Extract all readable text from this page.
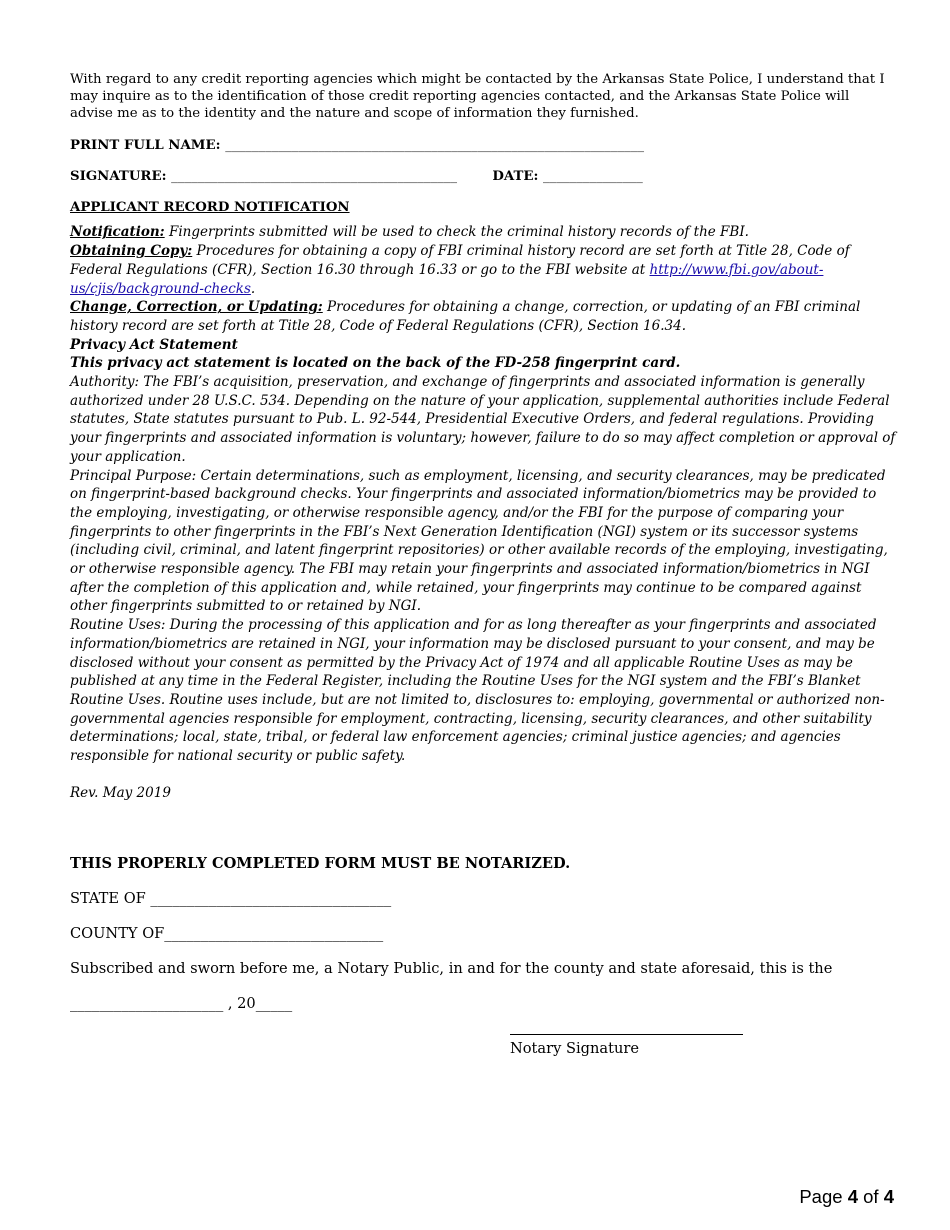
With regard to any credit reporting agencies which might be contacted by the Arkansas State Police, I understand that I may inquire as to the identification of those credit reporting agencies contacted, and the Arkansas State Police will advise me as to the identity and the nature and scope of information they furnished.

PRINT FULL NAME: _______________________________________________________________

SIGNATURE: ___________________________________________	DATE: _______________

APPLICANT RECORD NOTIFICATION

Notification: Fingerprints submitted will be used to check the criminal history records of the FBI.

Obtaining Copy: Procedures for obtaining a copy of FBI criminal history record are set forth at Title 28, Code of Federal Regulations (CFR), Section 16.30 through 16.33 or go to the FBI website at http://www.fbi.gov/about-us/cjis/background-checks.

Change, Correction, or Updating: Procedures for obtaining a change, correction, or updating of an FBI criminal history record are set forth at Title 28, Code of Federal Regulations (CFR), Section 16.34.

Privacy Act Statement

This privacy act statement is located on the back of the FD-258 fingerprint card.

Authority: The FBI’s acquisition, preservation, and exchange of fingerprints and associated information is generally authorized under 28 U.S.C. 534. Depending on the nature of your application, supplemental authorities include Federal statutes, State statutes pursuant to Pub. L. 92-544, Presidential Executive Orders, and federal regulations. Providing your fingerprints and associated information is voluntary; however, failure to do so may affect completion or approval of your application.

Principal Purpose: Certain determinations, such as employment, licensing, and security clearances, may be predicated on fingerprint-based background checks. Your fingerprints and associated information/biometrics may be provided to the employing, investigating, or otherwise responsible agency, and/or the FBI for the purpose of comparing your fingerprints to other fingerprints in the FBI’s Next Generation Identification (NGI) system or its successor systems (including civil, criminal, and latent fingerprint repositories) or other available records of the employing, investigating, or otherwise responsible agency. The FBI may retain your fingerprints and associated information/biometrics in NGI after the completion of this application and, while retained, your fingerprints may continue to be compared against other fingerprints submitted to or retained by NGI.

Routine Uses: During the processing of this application and for as long thereafter as your fingerprints and associated information/biometrics are retained in NGI, your information may be disclosed pursuant to your consent, and may be disclosed without your consent as permitted by the Privacy Act of 1974 and all applicable Routine Uses as may be published at any time in the Federal Register, including the Routine Uses for the NGI system and the FBI’s Blanket Routine Uses. Routine uses include, but are not limited to, disclosures to: employing, governmental or authorized non-governmental agencies responsible for employment, contracting, licensing, security clearances, and other suitability determinations; local, state, tribal, or federal law enforcement agencies; criminal justice agencies; and agencies responsible for national security or public safety.

Rev. May 2019

THIS PROPERLY COMPLETED FORM MUST BE NOTARIZED.

STATE OF _________________________________

COUNTY OF______________________________

Subscribed and sworn before me, a Notary Public, in and for the county and state aforesaid, this is the

_____________________ , 20_____

Notary Signature
Page 4 of 4
